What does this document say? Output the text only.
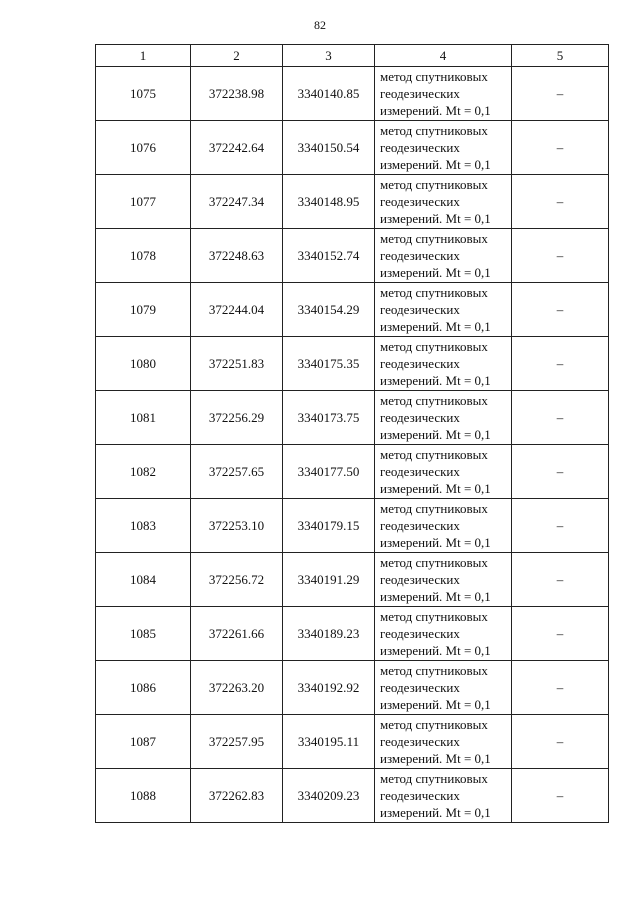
82
1	2	3	4	5
1075	372238.98	3340140.85	метод спутниковых
геодезических
измерений. Mt = 0,1	–
1076	372242.64	3340150.54	метод спутниковых
геодезических
измерений. Mt = 0,1	–
1077	372247.34	3340148.95	метод спутниковых
геодезических
измерений. Mt = 0,1	–
1078	372248.63	3340152.74	метод спутниковых
геодезических
измерений. Mt = 0,1	–
1079	372244.04	3340154.29	метод спутниковых
геодезических
измерений. Mt = 0,1	–
1080	372251.83	3340175.35	метод спутниковых
геодезических
измерений. Mt = 0,1	–
1081	372256.29	3340173.75	метод спутниковых
геодезических
измерений. Mt = 0,1	–
1082	372257.65	3340177.50	метод спутниковых
геодезических
измерений. Mt = 0,1	–
1083	372253.10	3340179.15	метод спутниковых
геодезических
измерений. Mt = 0,1	–
1084	372256.72	3340191.29	метод спутниковых
геодезических
измерений. Mt = 0,1	–
1085	372261.66	3340189.23	метод спутниковых
геодезических
измерений. Mt = 0,1	–
1086	372263.20	3340192.92	метод спутниковых
геодезических
измерений. Mt = 0,1	–
1087	372257.95	3340195.11	метод спутниковых
геодезических
измерений. Mt = 0,1	–
1088	372262.83	3340209.23	метод спутниковых
геодезических
измерений. Mt = 0,1	–
